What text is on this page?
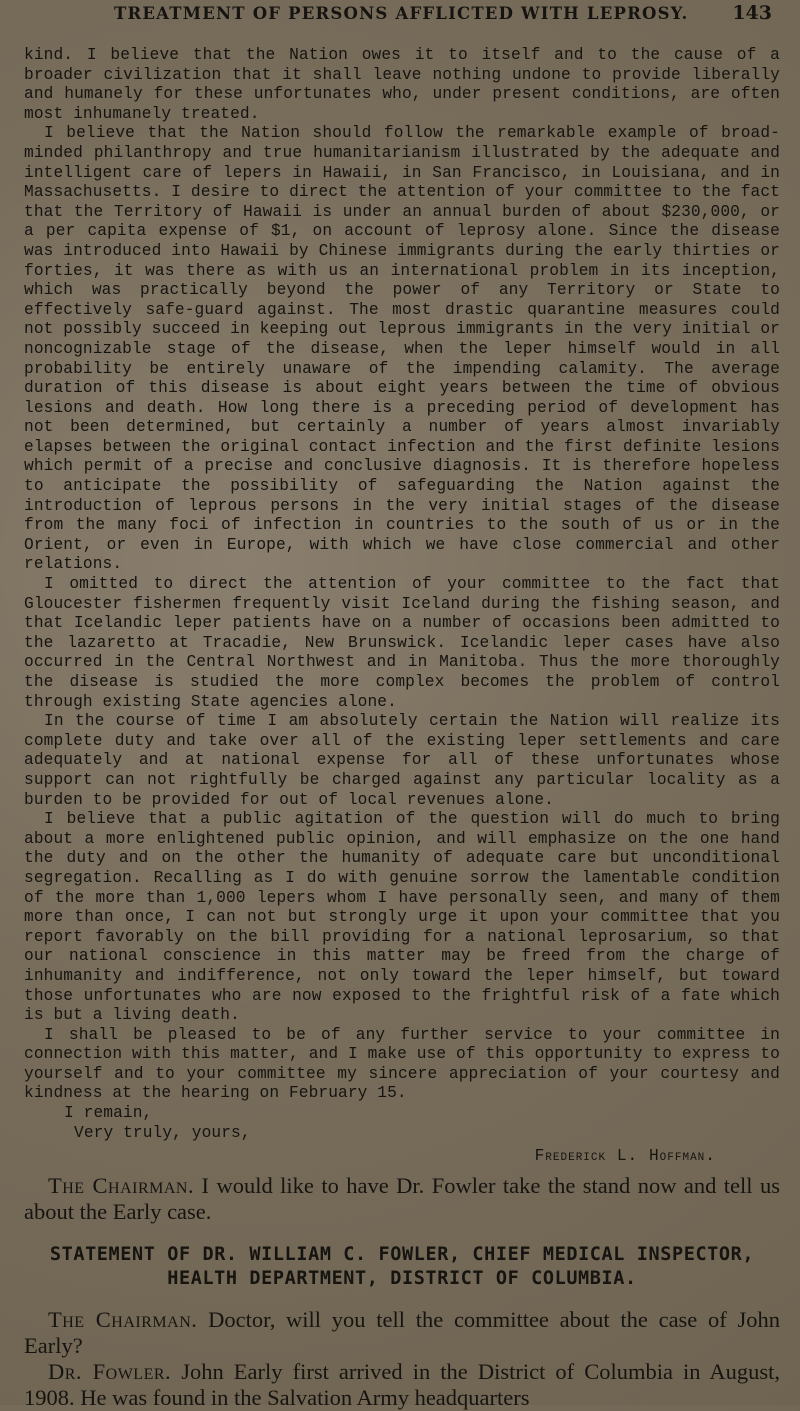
TREATMENT OF PERSONS AFFLICTED WITH LEPROSY. 143

kind. I believe that the Nation owes it to itself and to the cause of a broader civilization that it shall leave nothing undone to provide liberally and humanely for these unfortunates who, under present conditions, are often most inhumanely treated.

I believe that the Nation should follow the remarkable example of broad-minded philanthropy and true humanitarianism illustrated by the adequate and intelligent care of lepers in Hawaii, in San Francisco, in Louisiana, and in Massachusetts. I desire to direct the attention of your committee to the fact that the Territory of Hawaii is under an annual burden of about $230,000, or a per capita expense of $1, on account of leprosy alone. Since the disease was introduced into Hawaii by Chinese immigrants during the early thirties or forties, it was there as with us an international problem in its inception, which was practically beyond the power of any Territory or State to effectively safe-guard against. The most drastic quarantine measures could not possibly succeed in keeping out leprous immigrants in the very initial or noncognizable stage of the disease, when the leper himself would in all probability be entirely unaware of the impending calamity. The average duration of this disease is about eight years between the time of obvious lesions and death. How long there is a preceding period of development has not been determined, but certainly a number of years almost invariably elapses between the original contact infection and the first definite lesions which permit of a precise and conclusive diagnosis. It is therefore hopeless to anticipate the possibility of safeguarding the Nation against the introduction of leprous persons in the very initial stages of the disease from the many foci of infection in countries to the south of us or in the Orient, or even in Europe, with which we have close commercial and other relations.

I omitted to direct the attention of your committee to the fact that Gloucester fishermen frequently visit Iceland during the fishing season, and that Icelandic leper patients have on a number of occasions been admitted to the lazaretto at Tracadie, New Brunswick. Icelandic leper cases have also occurred in the Central Northwest and in Manitoba. Thus the more thoroughly the disease is studied the more complex becomes the problem of control through existing State agencies alone.

In the course of time I am absolutely certain the Nation will realize its complete duty and take over all of the existing leper settlements and care adequately and at national expense for all of these unfortunates whose support can not rightfully be charged against any particular locality as a burden to be provided for out of local revenues alone.

I believe that a public agitation of the question will do much to bring about a more enlightened public opinion, and will emphasize on the one hand the duty and on the other the humanity of adequate care but unconditional segregation. Recalling as I do with genuine sorrow the lamentable condition of the more than 1,000 lepers whom I have personally seen, and many of them more than once, I can not but strongly urge it upon your committee that you report favorably on the bill providing for a national leprosarium, so that our national conscience in this matter may be freed from the charge of inhumanity and indifference, not only toward the leper himself, but toward those unfortunates who are now exposed to the frightful risk of a fate which is but a living death.

I shall be pleased to be of any further service to your committee in connection with this matter, and I make use of this opportunity to express to yourself and to your committee my sincere appreciation of your courtesy and kindness at the hearing on February 15.

I remain,

Very truly, yours,

Frederick L. Hoffman.

The Chairman. I would like to have Dr. Fowler take the stand now and tell us about the Early case.

STATEMENT OF DR. WILLIAM C. FOWLER, CHIEF MEDICAL INSPECTOR, HEALTH DEPARTMENT, DISTRICT OF COLUMBIA.

The Chairman. Doctor, will you tell the committee about the case of John Early?

Dr. Fowler. John Early first arrived in the District of Columbia in August, 1908. He was found in the Salvation Army headquarters
